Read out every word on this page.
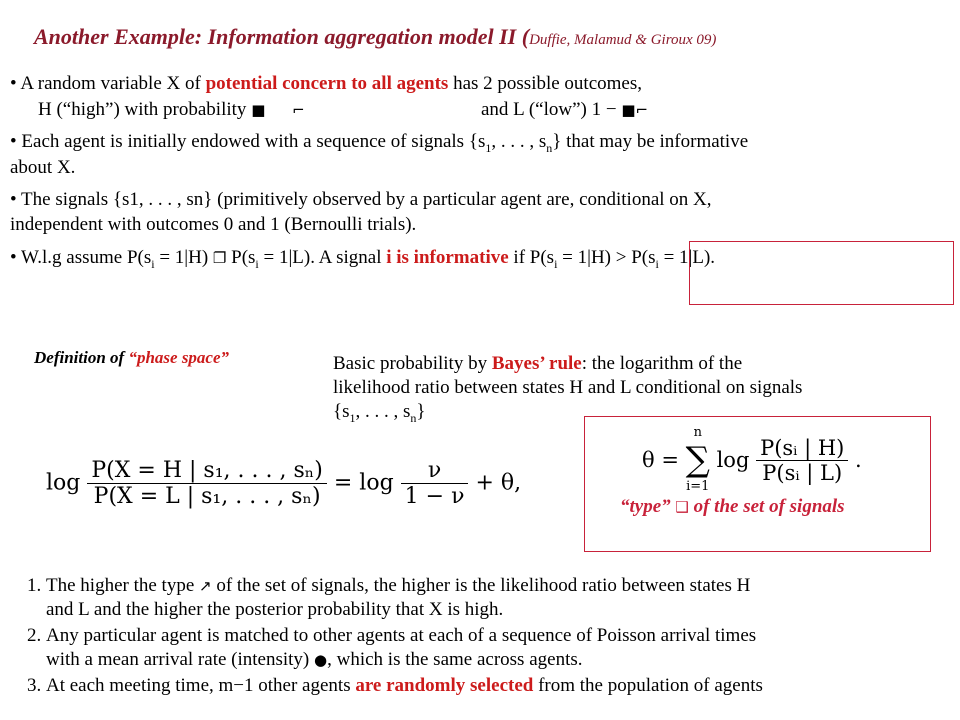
Another Example: Information aggregation model II (Duffie, Malamud & Giroux 09)
• A random variable X of potential concern to all agents has 2 possible outcomes,
H (“high”) with probability ■ ⌐	and L (“low”) 1 − ■⌐
• Each agent is initially endowed with a sequence of signals {$s_1$, . . . , $s_n$} that may be informative
about X.
• The signals {s1, . . . , sn} (primitively observed by a particular agent are, conditional on X,
independent with outcomes 0 and 1 (Bernoulli trials).
• W.l.g assume $P(s_i = 1|H)$ ❐ $P(s_i = 1|L)$. A signal i is informative if $P(s_i = 1|H) > P(s_i = 1|L)$.
Definition of “phase space”	Basic probability by Bayes’ rule: the logarithm of the
likelihood ratio between states H and L conditional on signals
{$s_1$, . . . , $s_n$}
$\log \frac{\text{P(X = H | s₁, . . . , sₙ)}}{\text{P(X = L | s₁, . . . , sₙ)}} = \log \frac{\nu}{1 - \nu} + \theta$,
θ =
n
∑
i=1
$\log \frac{\text{P(sᵢ | H)}}{\text{P(sᵢ | L)}}$ .
“type” ❑ of the set of signals
1. The higher the type ↗ of the set of signals, the higher is the likelihood ratio between states H
and L and the higher the posterior probability that X is high.
2. Any particular agent is matched to other agents at each of a sequence of Poisson arrival times
with a mean arrival rate (intensity) ●, which is the same across agents.
3. At each meeting time, m−1 other agents are randomly selected from the population of agents
